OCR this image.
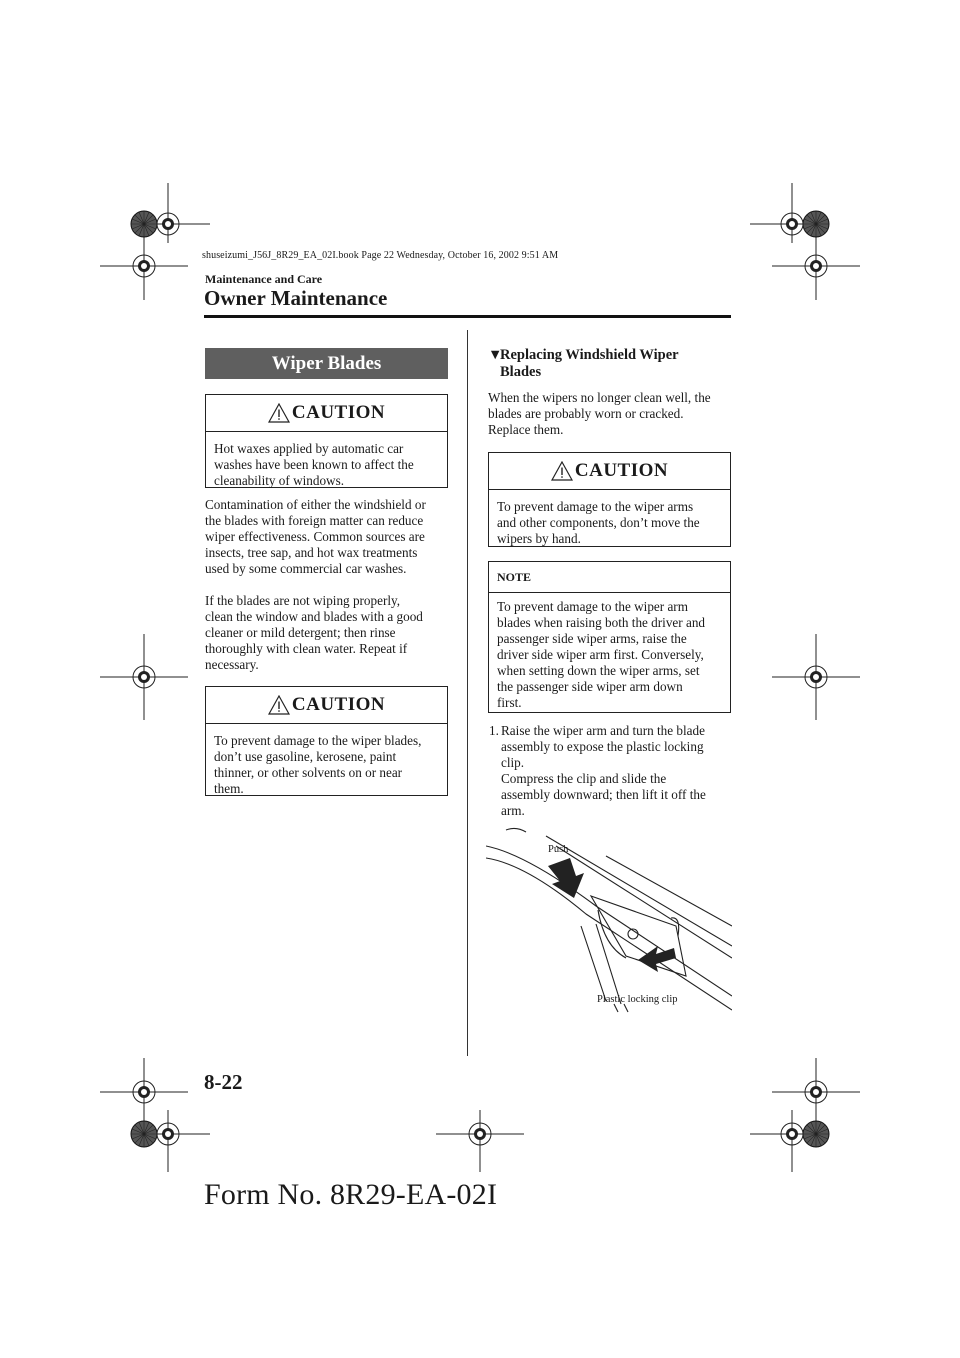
shuseizumi_J56J_8R29_EA_02I.book Page 22 Wednesday, October 16, 2002 9:51 AM
Maintenance and Care
Owner Maintenance
Wiper Blades
CAUTION
Hot waxes applied by automatic car
washes have been known to affect the
cleanability of windows.
Contamination of either the windshield or
the blades with foreign matter can reduce
wiper effectiveness. Common sources are
insects, tree sap, and hot wax treatments
used by some commercial car washes.
If the blades are not wiping properly,
clean the window and blades with a good
cleaner or mild detergent; then rinse
thoroughly with clean water. Repeat if
necessary.
CAUTION
To prevent damage to the wiper blades,
don’t use gasoline, kerosene, paint
thinner, or other solvents on or near
them.
▼
Replacing Windshield Wiper
Blades
When the wipers no longer clean well, the
blades are probably worn or cracked.
Replace them.
CAUTION
To prevent damage to the wiper arms
and other components, don’t move the
wipers by hand.
NOTE
To prevent damage to the wiper arm
blades when raising both the driver and
passenger side wiper arms, raise the
driver side wiper arm first. Conversely,
when setting down the wiper arms, set
the passenger side wiper arm down
first.
1. Raise the wiper arm and turn the blade
assembly to expose the plastic locking
clip.
Compress the clip and slide the
assembly downward; then lift it off the
arm.
Push
Plastic locking clip
8-22
Form No. 8R29-EA-02I
